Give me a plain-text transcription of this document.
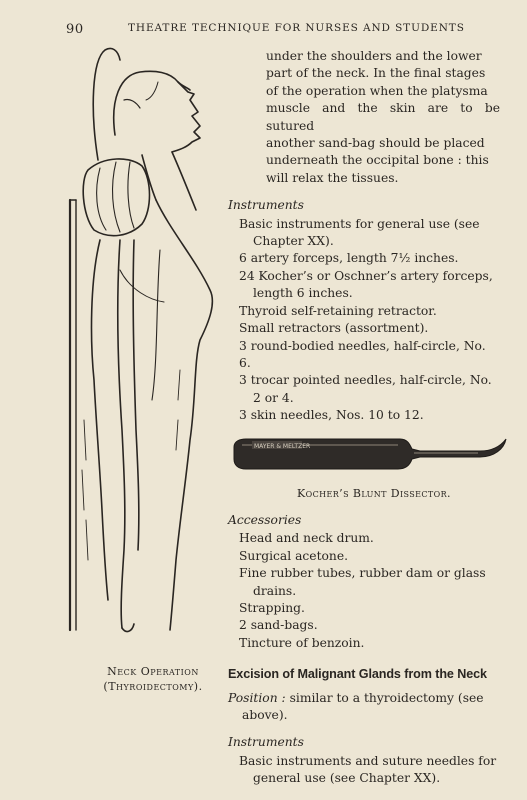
90	THEATRE TECHNIQUE FOR NURSES AND STUDENTS
Neck Operation
(Thyroidectomy).
under the shoulders and the lower
part of the neck. In the final stages
of the operation when the platysma
muscle and the skin are to be sutured
another sand-bag should be placed
underneath the occipital bone : this
will relax the tissues.
Instruments
Basic instruments for general use (see
Chapter XX).
6 artery forceps, length 7½ inches.
24 Kocher’s or Oschner’s artery forceps,
length 6 inches.
Thyroid self-retaining retractor.
Small retractors (assortment).
3 round-bodied needles, half-circle, No. 6.
3 trocar pointed needles, half-circle, No.
2 or 4.
3 skin needles, Nos. 10 to 12.
MAYER & MELTZER
Kocher’s Blunt Dissector.
Accessories
Head and neck drum.
Surgical acetone.
Fine rubber tubes, rubber dam or glass
drains.
Strapping.
2 sand-bags.
Tincture of benzoin.
Excision of Malignant Glands from the Neck

Position : similar to a thyroidectomy (see
above).

Instruments
Basic instruments and suture needles for
general use (see Chapter XX).
